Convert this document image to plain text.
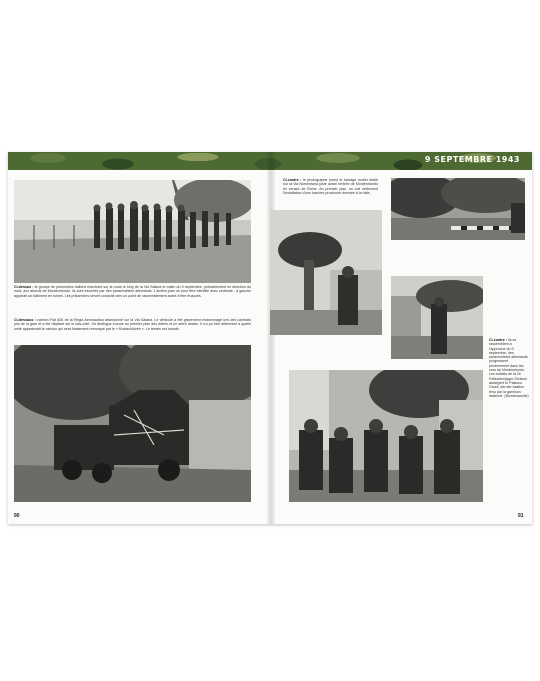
9 SEPTEMBRE 1943
Ci-dessus : le groupe de prisonniers italiens marchant sur la route le long de la Via Salaria le matin du 9 septembre, probablement en direction du nord, aux abords de Monterotondo. Ils sont escortés par des parachutistes allemands. L'arrière-plan ne peut être identifié avec certitude ; à gauche apparaît un bâtiment en ruines. Les prisonniers seront conduits vers un point de rassemblement avant d'être évacués.
Ci-dessous : camion Fiat 626 de la Regia Aeronautica abandonné sur la Via Salaria. Le véhicule a été gravement endommagé lors des combats pris de la gare et a été déplacé sur le bas-côté. On distingue encore au premier plan des débris et un arbre abattu. Il n'a pu être déterminé à quelle unité appartenait le camion qui sera finalement remorqué par le « Kradschützen ». Le terrain est inondé.
90
Ci-contre : le photographe prend le barrage routier établi sur la Via Nomentana juste avant l'entrée de Monterotondo en venant de Rome. Au premier plan, on voit nettement l'installation d'une barrière provisoire dressée à la hâte.
Ci-contre : Ils se rassemblent à l'approche du 9 septembre, des parachutistes allemands progressent prudemment dans les rues de Monterotondo. Les soldats de la 2e Fallschirmjäger-Division assiègent le Palazzo Orsini, dernier bastion tenu par la garnison italienne. (Bundesarchiv)
91
